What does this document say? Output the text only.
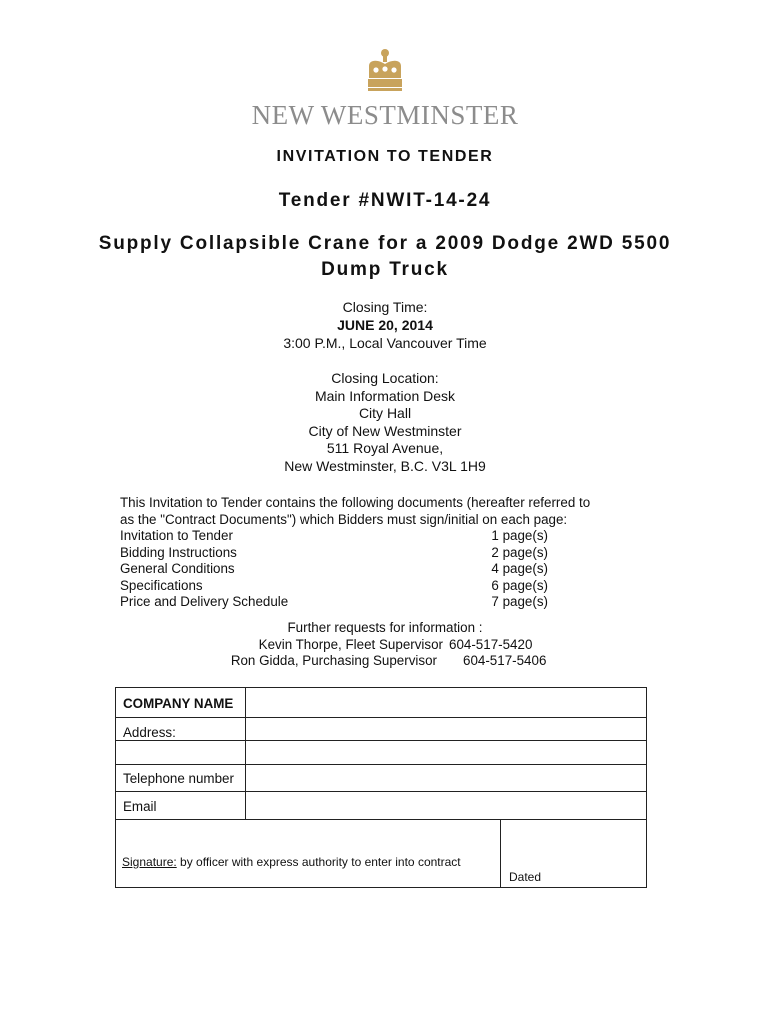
NEW WESTMINSTER
INVITATION TO TENDER
Tender #NWIT-14-24
Supply Collapsible Crane for a 2009 Dodge 2WD 5500
Dump Truck
Closing Time:
JUNE 20, 2014
3:00 P.M., Local Vancouver Time
Closing Location:
Main Information Desk
City Hall
City of New Westminster
511 Royal Avenue,
New Westminster, B.C. V3L 1H9
This Invitation to Tender contains the following documents (hereafter referred to
as the "Contract Documents") which Bidders must sign/initial on each page:
Invitation to Tender	1 page(s)
Bidding Instructions	2 page(s)
General Conditions	4 page(s)
Specifications	6 page(s)
Price and Delivery Schedule	7 page(s)
Further requests for information :
Kevin Thorpe, Fleet Supervisor 604-517-5420
Ron Gidda, Purchasing Supervisor 604-517-5406
COMPANY NAME
Address:
Telephone number
Email
Signature: by officer with express authority to enter into contract
Dated
